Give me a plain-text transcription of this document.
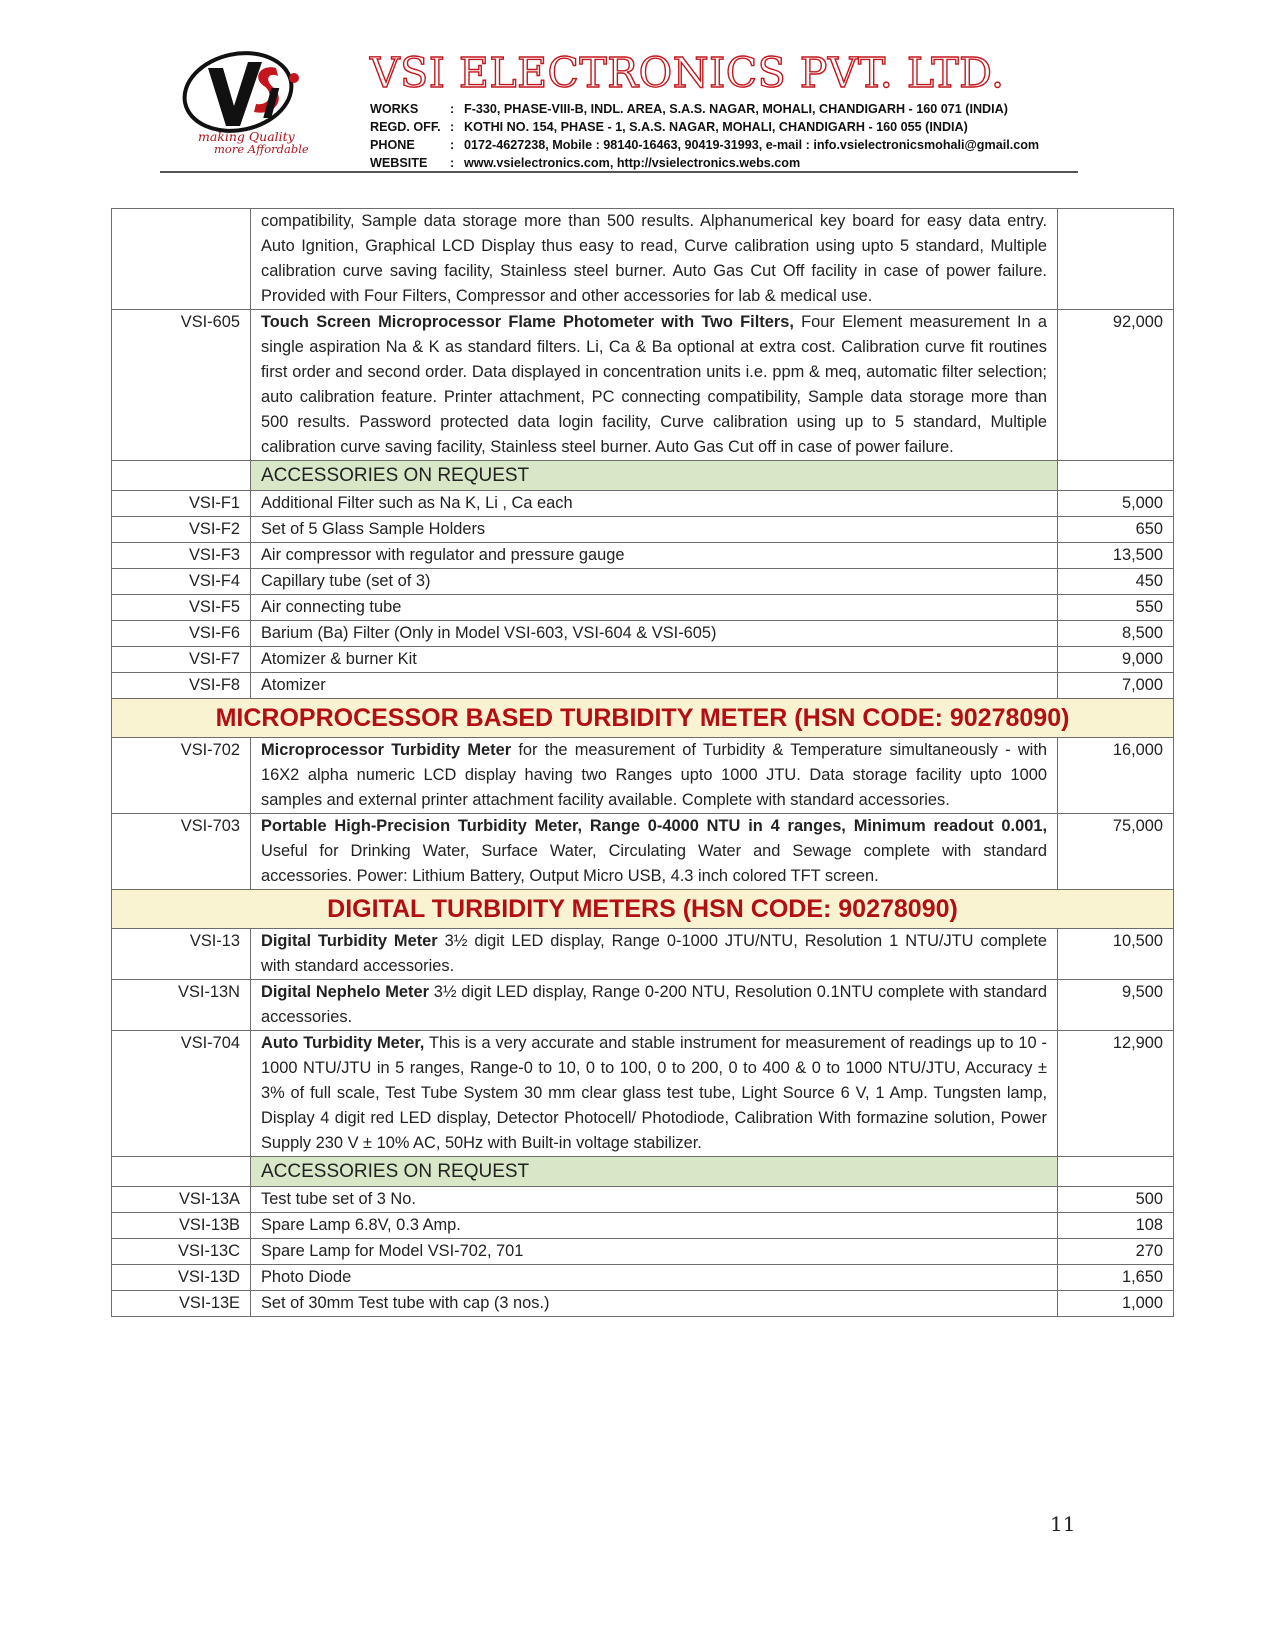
making Quality
more Affordable
VSI ELECTRONICS PVT. LTD.
WORKS	: F-330, PHASE-VIII-B, INDL. AREA, S.A.S. NAGAR, MOHALI, CHANDIGARH - 160 071 (INDIA)
REGD. OFF. : KOTHI NO. 154, PHASE - 1, S.A.S. NAGAR, MOHALI, CHANDIGARH - 160 055 (INDIA)
PHONE	: 0172-4627238, Mobile : 98140-16463, 90419-31993, e-mail : info.vsielectronicsmohali@gmail.com
WEBSITE	: www.vsielectronics.com, http://vsielectronics.webs.com
	compatibility, Sample data storage more than 500 results. Alphanumerical key board for easy data entry. Auto Ignition, Graphical LCD Display thus easy to read, Curve calibration using upto 5 standard, Multiple calibration curve saving facility, Stainless steel burner. Auto Gas Cut Off facility in case of power failure. Provided with Four Filters, Compressor and other accessories for lab & medical use.	
VSI-605	Touch Screen Microprocessor Flame Photometer with Two Filters, Four Element measurement In a single aspiration Na & K as standard filters. Li, Ca & Ba optional at extra cost. Calibration curve fit routines first order and second order. Data displayed in concentration units i.e. ppm & meq, automatic filter selection; auto calibration feature. Printer attachment, PC connecting compatibility, Sample data storage more than 500 results. Password protected data login facility, Curve calibration using up to 5 standard, Multiple calibration curve saving facility, Stainless steel burner. Auto Gas Cut off in case of power failure.	92,000
	ACCESSORIES ON REQUEST	
VSI-F1	Additional Filter such as Na K, Li , Ca each	5,000
VSI-F2	Set of 5 Glass Sample Holders	650
VSI-F3	Air compressor with regulator and pressure gauge	13,500
VSI-F4	Capillary tube (set of 3)	450
VSI-F5	Air connecting tube	550
VSI-F6	Barium (Ba) Filter (Only in Model VSI-603, VSI-604 & VSI-605)	8,500
VSI-F7	Atomizer & burner Kit	9,000
VSI-F8	Atomizer	7,000
MICROPROCESSOR BASED TURBIDITY METER (HSN CODE: 90278090)		
VSI-702	Microprocessor Turbidity Meter for the measurement of Turbidity & Temperature simultaneously - with 16X2 alpha numeric LCD display having two Ranges upto 1000 JTU. Data storage facility upto 1000 samples and external printer attachment facility available. Complete with standard accessories.	16,000
VSI-703	Portable High-Precision Turbidity Meter, Range 0-4000 NTU in 4 ranges, Minimum readout 0.001, Useful for Drinking Water, Surface Water, Circulating Water and Sewage complete with standard accessories. Power: Lithium Battery, Output Micro USB, 4.3 inch colored TFT screen.	75,000
DIGITAL TURBIDITY METERS (HSN CODE: 90278090)		
VSI-13	Digital Turbidity Meter 3½ digit LED display, Range 0-1000 JTU/NTU, Resolution 1 NTU/JTU complete with standard accessories.	10,500
VSI-13N	Digital Nephelo Meter 3½ digit LED display, Range 0-200 NTU, Resolution 0.1NTU complete with standard accessories.	9,500
VSI-704	Auto Turbidity Meter, This is a very accurate and stable instrument for measurement of readings up to 10 - 1000 NTU/JTU in 5 ranges, Range-0 to 10, 0 to 100, 0 to 200, 0 to 400 & 0 to 1000 NTU/JTU, Accuracy ± 3% of full scale, Test Tube System 30 mm clear glass test tube, Light Source 6 V, 1 Amp. Tungsten lamp, Display 4 digit red LED display, Detector Photocell/ Photodiode, Calibration With formazine solution, Power Supply 230 V ± 10% AC, 50Hz with Built-in voltage stabilizer.	12,900
	ACCESSORIES ON REQUEST	
VSI-13A	Test tube set of 3 No.	500
VSI-13B	Spare Lamp 6.8V, 0.3 Amp.	108
VSI-13C	Spare Lamp for Model VSI-702, 701	270
VSI-13D	Photo Diode	1,650
VSI-13E	Set of 30mm Test tube with cap (3 nos.)	1,000
11
